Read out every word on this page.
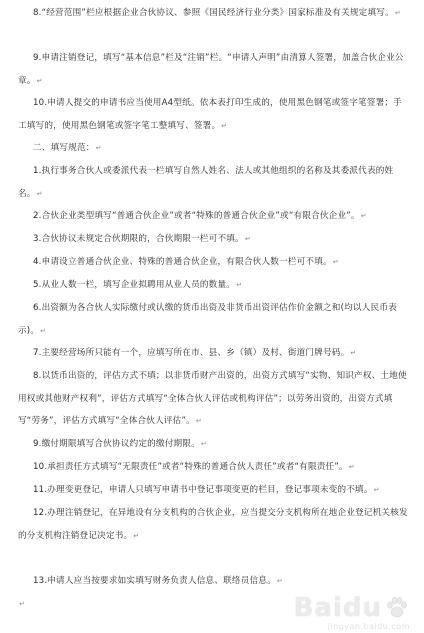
8.“经营范围”栏应根据企业合伙协议、参照《国民经济行业分类》国家标准及有关规定填写。↵
9.申请注销登记，填写“基本信息”栏及“注销”栏。“申请人声明”由清算人签署，加盖合伙企业公章。↵
10.申请人提交的申请书应当使用A4型纸。依本表打印生成的，使用黑色钢笔或签字笔签署；手工填写的，使用黑色钢笔或签字笔工整填写、签署。↵
二、填写规范：↵
1.执行事务合伙人或委派代表一栏填写自然人姓名、法人或其他组织的名称及其委派代表的姓名。↵
2.合伙企业类型填写“普通合伙企业”或者“特殊的普通合伙企业”或“有限合伙企业”。↵
3.合伙协议未规定合伙期限的，合伙期限一栏可不填。↵
4.申请设立普通合伙企业、特殊的普通合伙企业，有限合伙人数一栏可不填。↵
5.从业人数一栏，填写企业拟聘用从业人员的数量。↵
6.出资额为各合伙人实际缴付或认缴的货币出资及非货币出资评估作价金额之和(均以人民币表示)。↵
7.主要经营场所只能有一个，应填写所在市、县、乡（镇）及村、街道门牌号码。↵
8.以货币出资的，评估方式不填；以非货币财产出资的，出资方式填写“实物、知识产权、土地使用权或其他财产权利”，评估方式填写“全体合伙人评估或机构评估”；以劳务出资的，出资方式填写“劳务”，评估方式填写“全体合伙人评估”。↵
9.缴付期限填写合伙协议约定的缴付期限。↵
10.承担责任方式填写“无限责任”或者“特殊的普通合伙人责任”或者“有限责任”。↵
11.办理变更登记，申请人只填写申请书中登记事项变更的栏目，登记事项未变的不填。↵
12.办理注销登记，在异地设有分支机构的合伙企业，应当提交分支机构所在地企业登记机关核发的分支机构注销登记决定书。↵
13.申请人应当按要求如实填写财务负责人信息、联络员信息。↵
↵	Baidu
jingyan.baidu.com
